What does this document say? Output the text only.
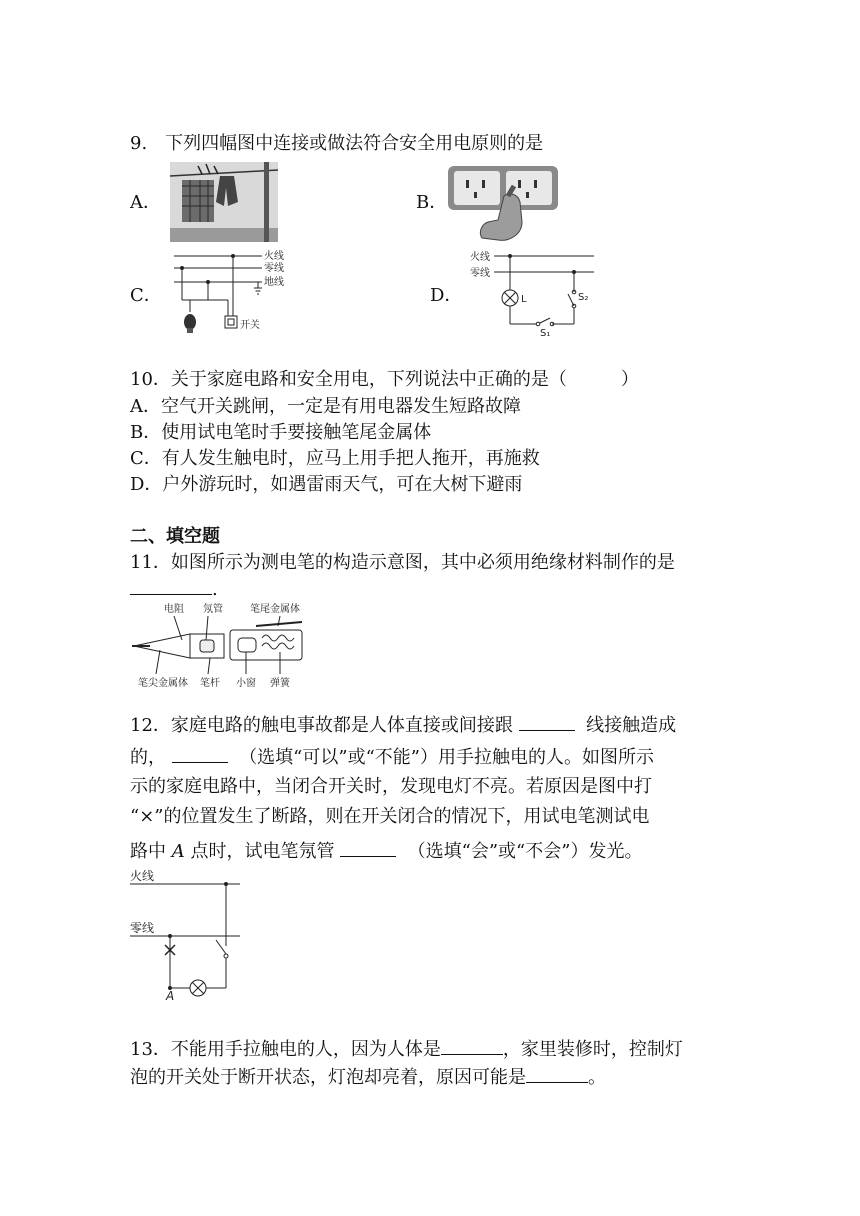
9.　下列四幅图中连接或做法符合安全用电原则的是
A．	B．
C．	D．
火线
零线
地线
开关
火线
零线
L	S₂
S₁
10．关于家庭电路和安全用电，下列说法中正确的是（　　　）
A．空气开关跳闸，一定是有用电器发生短路故障
B．使用试电笔时手要接触笔尾金属体
C．有人发生触电时，应马上用手把人拖开，再施救
D．户外游玩时，如遇雷雨天气，可在大树下避雨
二、填空题
11．如图所示为测电笔的构造示意图，其中必须用绝缘材料制作的是
.
电阻 氖管	笔尾金属体
笔尖金属体 笔杆 小窗 弹簧
12．家庭电路的触电事故都是人体直接或间接跟	线接触造成
的，	（选填“可以”或“不能”）用手拉触电的人。如图所示
示的家庭电路中，当闭合开关时，发现电灯不亮。若原因是图中打
“×”的位置发生了断路，则在开关闭合的情况下，用试电笔测试电
路中 A 点时，试电笔氖管	（选填“会”或“不会”）发光。
火线
零线
A
13．不能用手拉触电的人，因为人体是	，家里装修时，控制灯
泡的开关处于断开状态，灯泡却亮着，原因可能是	。
